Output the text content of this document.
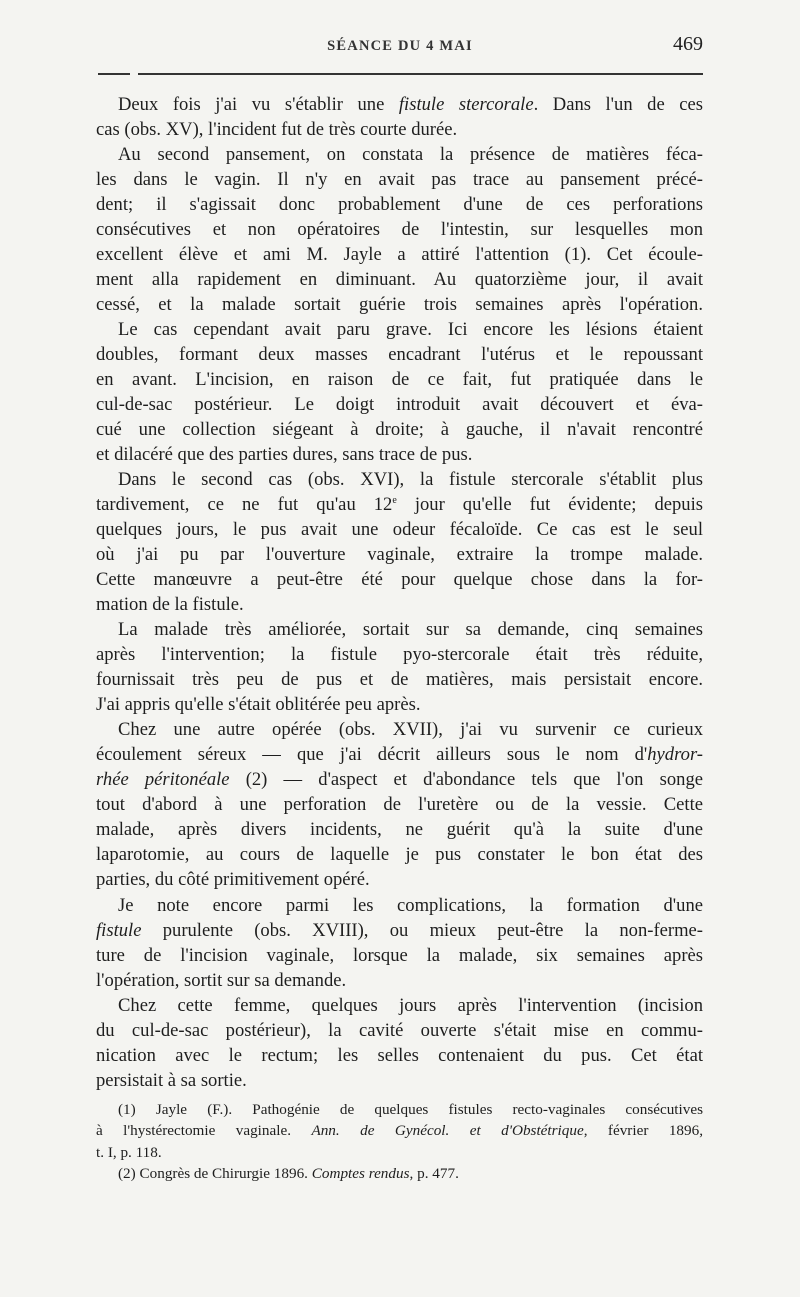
SÉANCE DU 4 MAI	469
Deux fois j'ai vu s'établir une fistule stercorale. Dans l'un de ces
cas (obs. XV), l'incident fut de très courte durée.
Au second pansement, on constata la présence de matières féca-
les dans le vagin. Il n'y en avait pas trace au pansement précé-
dent; il s'agissait donc probablement d'une de ces perforations
consécutives et non opératoires de l'intestin, sur lesquelles mon
excellent élève et ami M. Jayle a attiré l'attention (1). Cet écoule-
ment alla rapidement en diminuant. Au quatorzième jour, il avait
cessé, et la malade sortait guérie trois semaines après l'opération.
Le cas cependant avait paru grave. Ici encore les lésions étaient
doubles, formant deux masses encadrant l'utérus et le repoussant
en avant. L'incision, en raison de ce fait, fut pratiquée dans le
cul-de-sac postérieur. Le doigt introduit avait découvert et éva-
cué une collection siégeant à droite; à gauche, il n'avait rencontré
et dilacéré que des parties dures, sans trace de pus.
Dans le second cas (obs. XVI), la fistule stercorale s'établit plus
tardivement, ce ne fut qu'au 12e jour qu'elle fut évidente; depuis
quelques jours, le pus avait une odeur fécaloïde. Ce cas est le seul
où j'ai pu par l'ouverture vaginale, extraire la trompe malade.
Cette manœuvre a peut-être été pour quelque chose dans la for-
mation de la fistule.
La malade très améliorée, sortait sur sa demande, cinq semaines
après l'intervention; la fistule pyo-stercorale était très réduite,
fournissait très peu de pus et de matières, mais persistait encore.
J'ai appris qu'elle s'était oblitérée peu après.
Chez une autre opérée (obs. XVII), j'ai vu survenir ce curieux
écoulement séreux — que j'ai décrit ailleurs sous le nom d'hydror-
rhée péritonéale (2) — d'aspect et d'abondance tels que l'on songe
tout d'abord à une perforation de l'uretère ou de la vessie. Cette
malade, après divers incidents, ne guérit qu'à la suite d'une
laparotomie, au cours de laquelle je pus constater le bon état des
parties, du côté primitivement opéré.
Je note encore parmi les complications, la formation d'une
fistule purulente (obs. XVIII), ou mieux peut-être la non-ferme-
ture de l'incision vaginale, lorsque la malade, six semaines après
l'opération, sortit sur sa demande.
Chez cette femme, quelques jours après l'intervention (incision
du cul-de-sac postérieur), la cavité ouverte s'était mise en commu-
nication avec le rectum; les selles contenaient du pus. Cet état
persistait à sa sortie.
(1) Jayle (F.). Pathogénie de quelques fistules recto-vaginales consécutives
à l'hystérectomie vaginale. Ann. de Gynécol. et d'Obstétrique, février 1896,
t. I, p. 118.
(2) Congrès de Chirurgie 1896. Comptes rendus, p. 477.
